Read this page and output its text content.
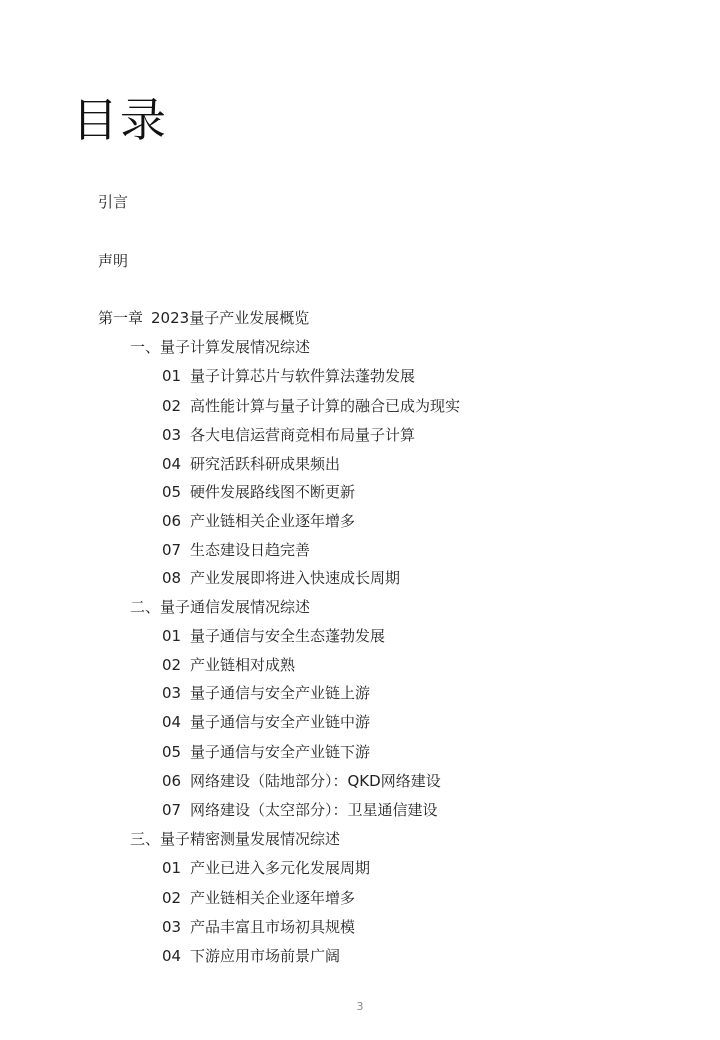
目录
引言
声明
第一章 2023量子产业发展概览
一、量子计算发展情况综述
01 量子计算芯片与软件算法蓬勃发展
02 高性能计算与量子计算的融合已成为现实
03 各大电信运营商竞相布局量子计算
04 研究活跃科研成果频出
05 硬件发展路线图不断更新
06 产业链相关企业逐年增多
07 生态建设日趋完善
08 产业发展即将进入快速成长周期
二、量子通信发展情况综述
01 量子通信与安全生态蓬勃发展
02 产业链相对成熟
03 量子通信与安全产业链上游
04 量子通信与安全产业链中游
05 量子通信与安全产业链下游
06 网络建设（陆地部分）：QKD网络建设
07 网络建设（太空部分）：卫星通信建设
三、量子精密测量发展情况综述
01 产业已进入多元化发展周期
02 产业链相关企业逐年增多
03 产品丰富且市场初具规模
04 下游应用市场前景广阔
3
